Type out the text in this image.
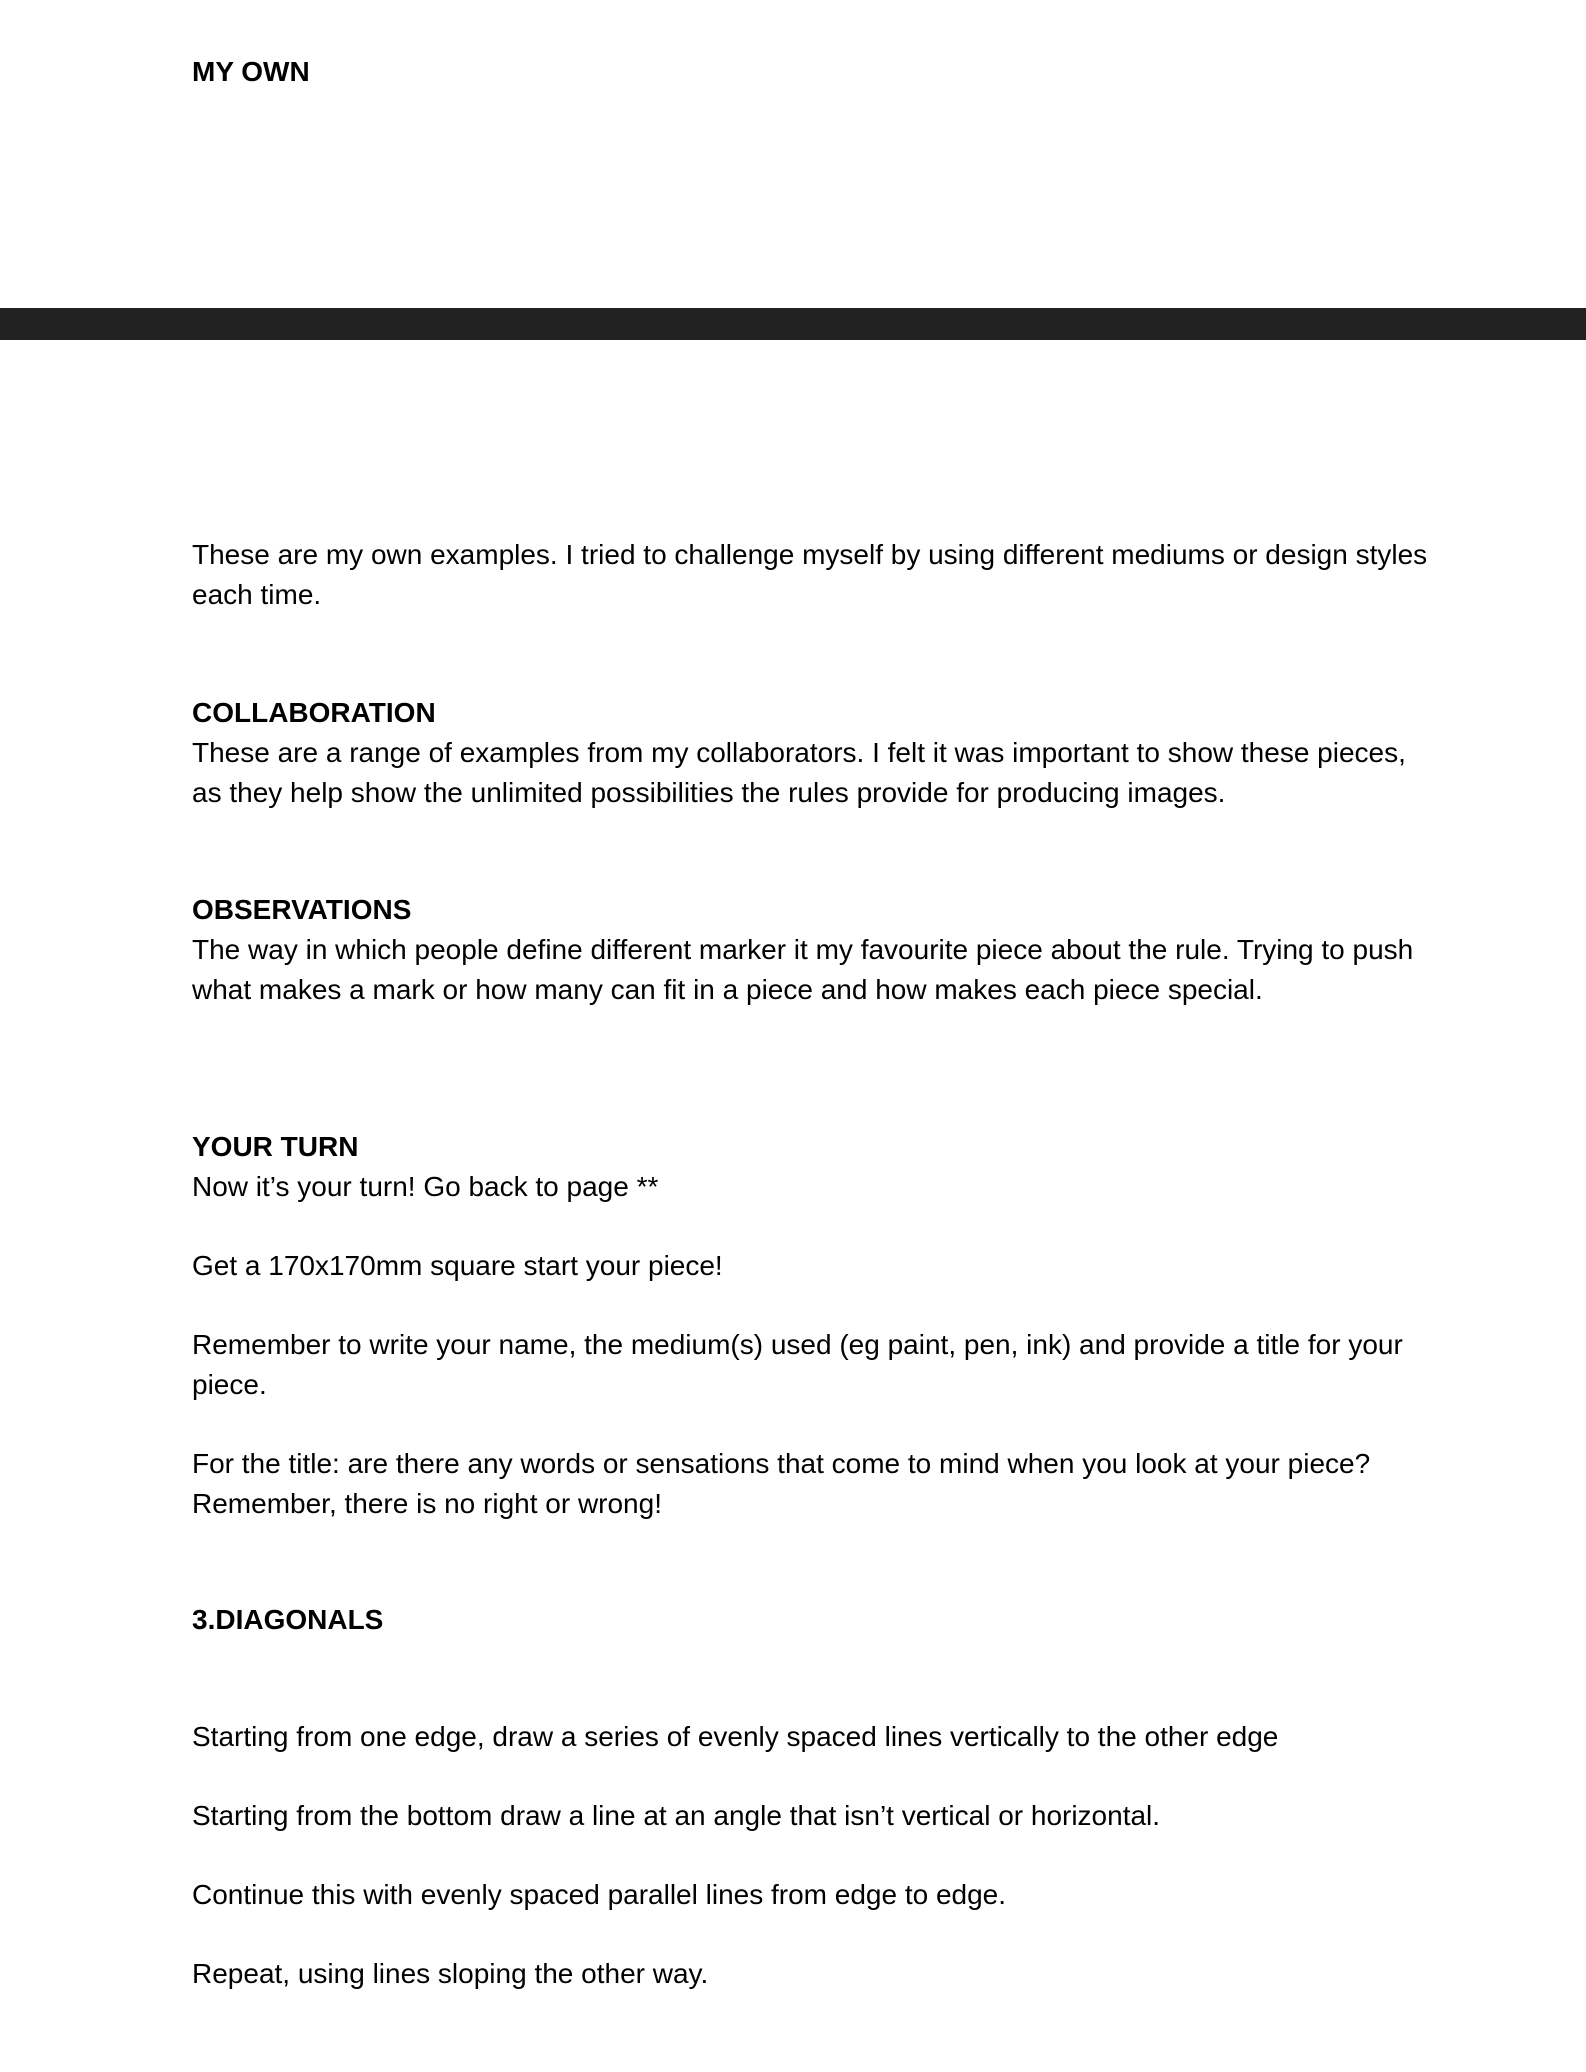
MY OWN

These are my own examples. I tried to challenge myself by using different mediums or design styles each time.

COLLABORATION

These are a range of examples from my collaborators. I felt it was important to show these pieces, as they help show the unlimited possibilities the rules provide for producing images.

OBSERVATIONS

The way in which people define different marker it my favourite piece about the rule. Trying to push what makes a mark or how many can fit in a piece and how makes each piece special.

YOUR TURN

Now it’s your turn! Go back to page **

Get a 170x170mm square start your piece!

Remember to write your name, the medium(s) used (eg paint, pen, ink) and provide a title for your piece.

For the title: are there any words or sensations that come to mind when you look at your piece? Remember, there is no right or wrong!

3.DIAGONALS

Starting from one edge, draw a series of evenly spaced lines vertically to the other edge

Starting from the bottom draw a line at an angle that isn’t vertical or horizontal.

Continue this with evenly spaced parallel lines from edge to edge.

Repeat, using lines sloping the other way.
